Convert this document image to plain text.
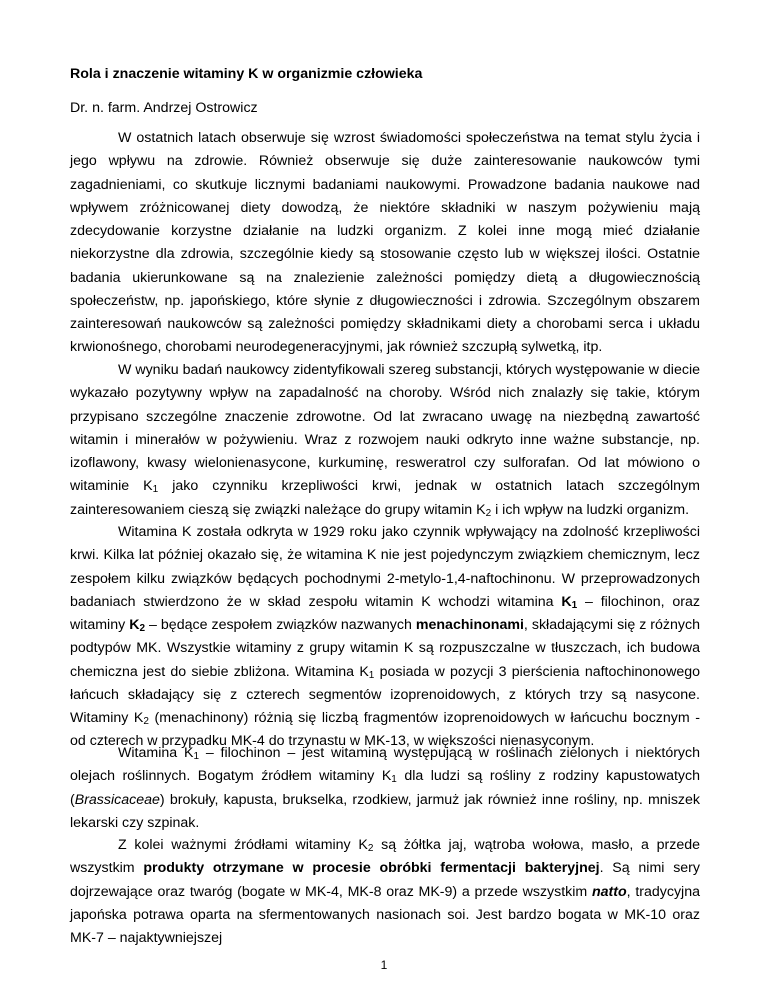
Rola i znaczenie witaminy K w organizmie człowieka

Dr. n. farm. Andrzej Ostrowicz

W ostatnich latach obserwuje się wzrost świadomości społeczeństwa na temat stylu życia i jego wpływu na zdrowie. Również obserwuje się duże zainteresowanie naukowców tymi zagadnieniami, co skutkuje licznymi badaniami naukowymi. Prowadzone badania naukowe nad wpływem zróżnicowanej diety dowodzą, że niektóre składniki w naszym pożywieniu mają zdecydowanie korzystne działanie na ludzki organizm. Z kolei inne mogą mieć działanie niekorzystne dla zdrowia, szczególnie kiedy są stosowanie często lub w większej ilości. Ostatnie badania ukierunkowane są na znalezienie zależności pomiędzy dietą a długowiecznością społeczeństw, np. japońskiego, które słynie z długowieczności i zdrowia. Szczególnym obszarem zainteresowań naukowców są zależności pomiędzy składnikami diety a chorobami serca i układu krwionośnego, chorobami neurodegeneracyjnymi, jak również szczupłą sylwetką, itp.

W wyniku badań naukowcy zidentyfikowali szereg substancji, których występowanie w diecie wykazało pozytywny wpływ na zapadalność na choroby. Wśród nich znalazły się takie, którym przypisano szczególne znaczenie zdrowotne. Od lat zwracano uwagę na niezbędną zawartość witamin i minerałów w pożywieniu. Wraz z rozwojem nauki odkryto inne ważne substancje, np. izoflawony, kwasy wielonienasycone, kurkuminę, resweratrol czy sulforafan. Od lat mówiono o witaminie $K_1$ jako czynniku krzepliwości krwi, jednak w ostatnich latach szczególnym zainteresowaniem cieszą się związki należące do grupy witamin $K_2$ i ich wpływ na ludzki organizm.

Witamina K została odkryta w 1929 roku jako czynnik wpływający na zdolność krzepliwości krwi. Kilka lat później okazało się, że witamina K nie jest pojedynczym związkiem chemicznym, lecz zespołem kilku związków będących pochodnymi 2-metylo-1,4-naftochinonu. W przeprowadzonych badaniach stwierdzono że w skład zespołu witamin K wchodzi witamina $K_1$ – filochinon, oraz witaminy $K_2$ – będące zespołem związków nazwanych menachinonami, składającymi się z różnych podtypów MK. Wszystkie witaminy z grupy witamin K są rozpuszczalne w tłuszczach, ich budowa chemiczna jest do siebie zbliżona. Witamina $K_1$ posiada w pozycji 3 pierścienia naftochinonowego łańcuch składający się z czterech segmentów izoprenoidowych, z których trzy są nasycone. Witaminy $K_2$ (menachinony) różnią się liczbą fragmentów izoprenoidowych w łańcuchu bocznym - od czterech w przypadku MK-4 do trzynastu w MK-13, w większości nienasyconym.

Witamina $K_1$ – filochinon – jest witaminą występującą w roślinach zielonych i niektórych olejach roślinnych. Bogatym źródłem witaminy $K_1$ dla ludzi są rośliny z rodziny kapustowatych (Brassicaceae) brokuły, kapusta, brukselka, rzodkiew, jarmuż jak również inne rośliny, np. mniszek lekarski czy szpinak.

Z kolei ważnymi źródłami witaminy $K_2$ są żółtka jaj, wątroba wołowa, masło, a przede wszystkim produkty otrzymane w procesie obróbki fermentacji bakteryjnej. Są nimi sery dojrzewające oraz twaróg (bogate w MK-4, MK-8 oraz MK-9) a przede wszystkim natto, tradycyjna japońska potrawa oparta na sfermentowanych nasionach soi. Jest bardzo bogata w MK-10 oraz MK-7 – najaktywniejszej

1
